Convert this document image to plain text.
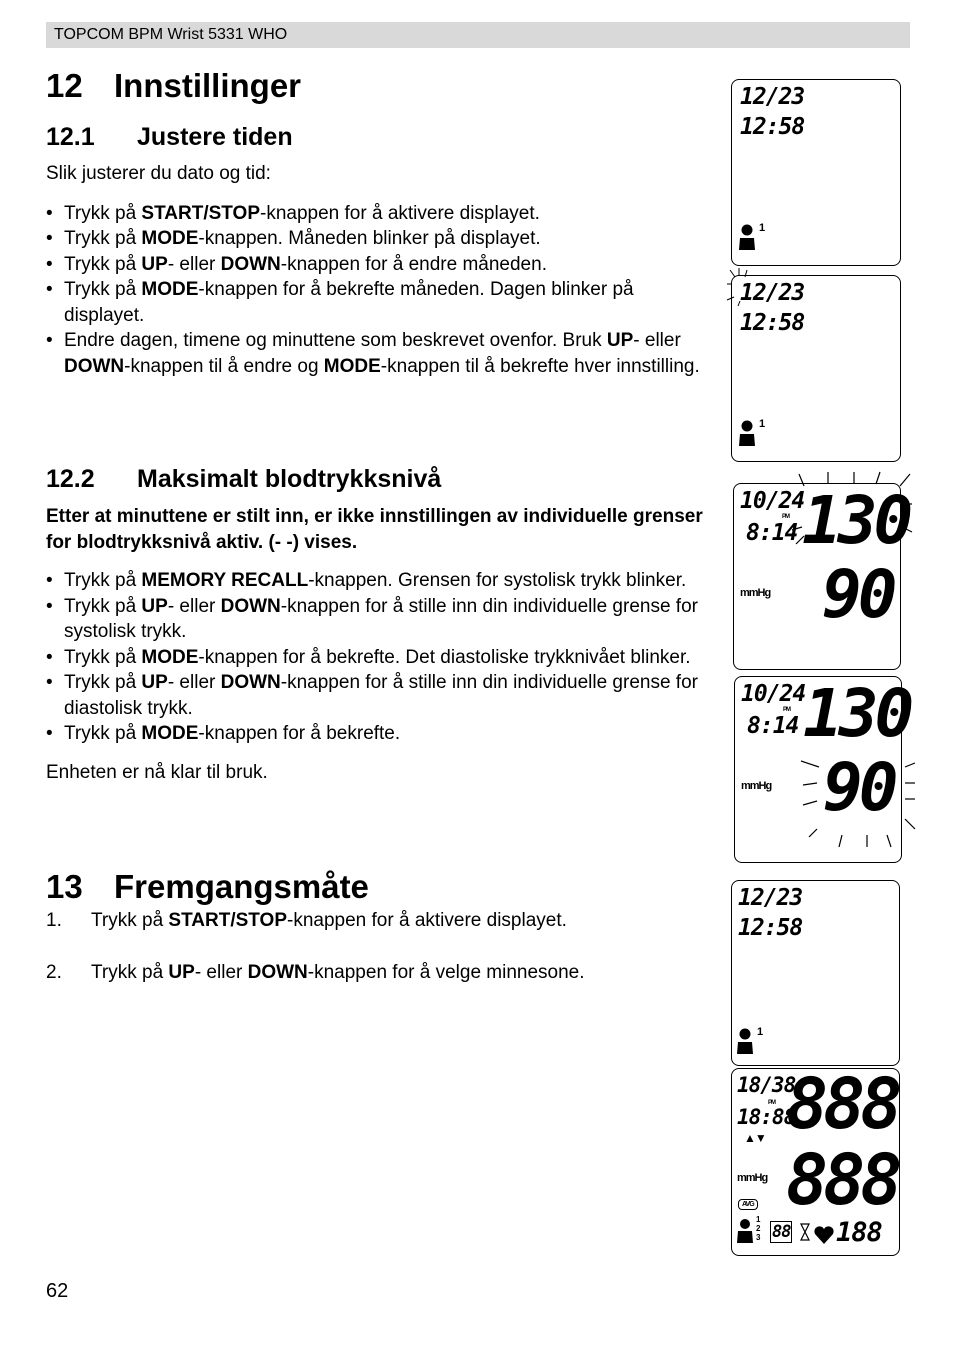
TOPCOM BPM Wrist 5331 WHO
12 Innstillinger
12.1 Justere tiden

Slik justerer du dato og tid:

• Trykk på START/STOP-knappen for å aktivere displayet.
• Trykk på MODE-knappen. Måneden blinker på displayet.
• Trykk på UP- eller DOWN-knappen for å endre måneden.
• Trykk på MODE-knappen for å bekrefte måneden. Dagen blinker på displayet.
• Endre dagen, timene og minuttene som beskrevet ovenfor. Bruk UP- eller DOWN-knappen til å endre og MODE-knappen til å bekrefte hver innstilling.
12.2 Maksimalt blodtrykksnivå

Etter at minuttene er stilt inn, er ikke innstillingen av individuelle grenser for blodtrykksnivå aktiv. (- -) vises.

• Trykk på MEMORY RECALL-knappen. Grensen for systolisk trykk blinker.
• Trykk på UP- eller DOWN-knappen for å stille inn din individuelle grense for systolisk trykk.
• Trykk på MODE-knappen for å bekrefte. Det diastoliske trykknivået blinker.
• Trykk på UP- eller DOWN-knappen for å stille inn din individuelle grense for diastolisk trykk.
• Trykk på MODE-knappen for å bekrefte.

Enheten er nå klar til bruk.

13 Fremgangsmåte
1. Trykk på START/STOP-knappen for å aktivere displayet.
2. Trykk på UP- eller DOWN-knappen for å velge minnesone.
12/23
12:58
1
12/23
12:58
1
10/24
PM
8:14 130
mmHg 90
10/24
PM
8:14 130
mmHg 90
12/23
12:58
1
18/38
PM
18:88
▲▼ 888
mmHg 888
AVG
1
2
3 88 188
62
